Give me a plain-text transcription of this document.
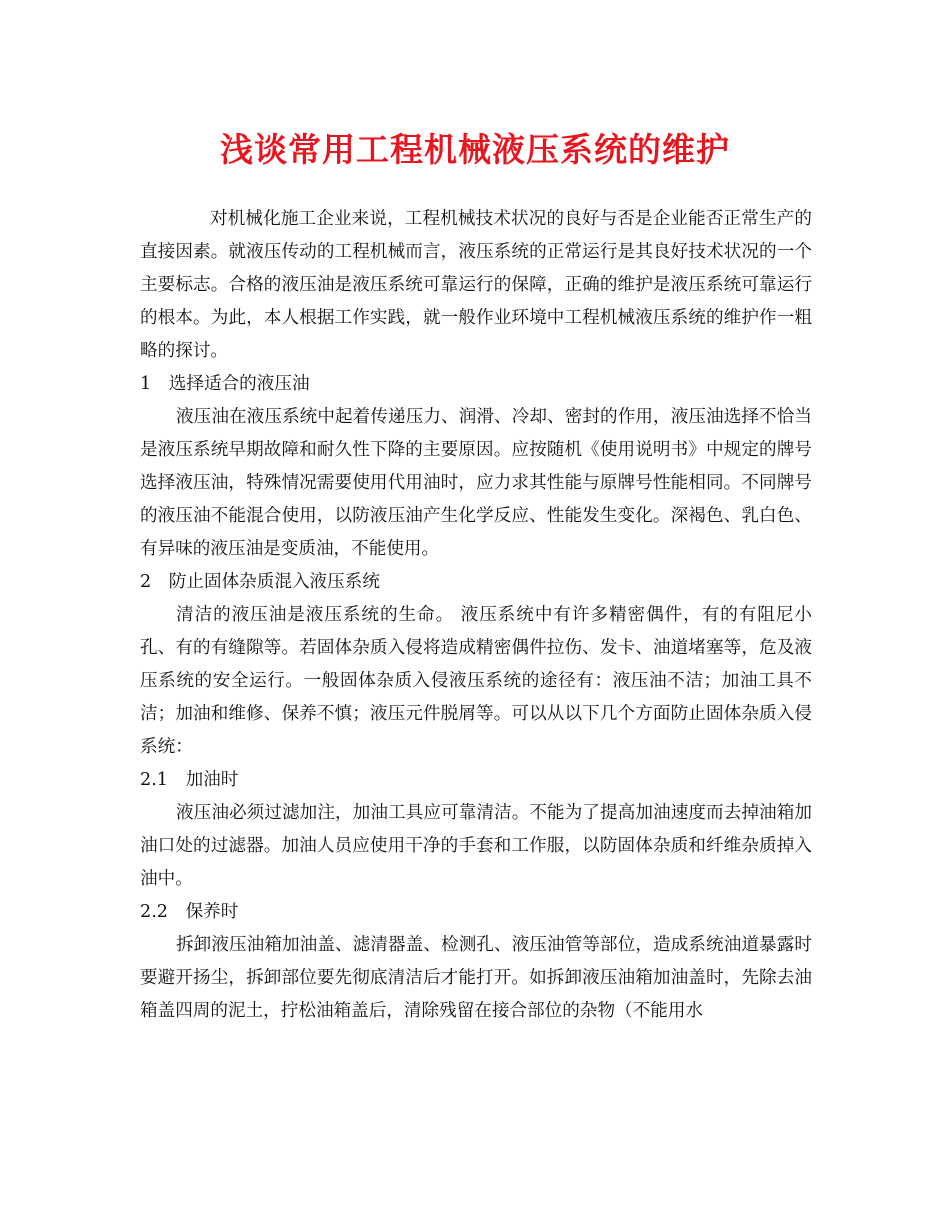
浅谈常用工程机械液压系统的维护

对机械化施工企业来说，工程机械技术状况的良好与否是企业能否正常生产的直接因素。就液压传动的工程机械而言，液压系统的正常运行是其良好技术状况的一个主要标志。合格的液压油是液压系统可靠运行的保障，正确的维护是液压系统可靠运行的根本。为此，本人根据工作实践，就一般作业环境中工程机械液压系统的维护作一粗略的探讨。

1　选择适合的液压油

液压油在液压系统中起着传递压力、润滑、冷却、密封的作用，液压油选择不恰当是液压系统早期故障和耐久性下降的主要原因。应按随机《使用说明书》中规定的牌号选择液压油，特殊情况需要使用代用油时，应力求其性能与原牌号性能相同。不同牌号的液压油不能混合使用，以防液压油产生化学反应、性能发生变化。深褐色、乳白色、有异味的液压油是变质油，不能使用。

2　防止固体杂质混入液压系统

清洁的液压油是液压系统的生命。 液压系统中有许多精密偶件，有的有阻尼小孔、有的有缝隙等。若固体杂质入侵将造成精密偶件拉伤、发卡、油道堵塞等，危及液压系统的安全运行。一般固体杂质入侵液压系统的途径有：液压油不洁；加油工具不洁；加油和维修、保养不慎；液压元件脱屑等。可以从以下几个方面防止固体杂质入侵系统：

2.1　加油时

液压油必须过滤加注，加油工具应可靠清洁。不能为了提高加油速度而去掉油箱加油口处的过滤器。加油人员应使用干净的手套和工作服，以防固体杂质和纤维杂质掉入油中。

2.2　保养时

拆卸液压油箱加油盖、滤清器盖、检测孔、液压油管等部位，造成系统油道暴露时要避开扬尘，拆卸部位要先彻底清洁后才能打开。如拆卸液压油箱加油盖时，先除去油箱盖四周的泥土，拧松油箱盖后，清除残留在接合部位的杂物（不能用水
